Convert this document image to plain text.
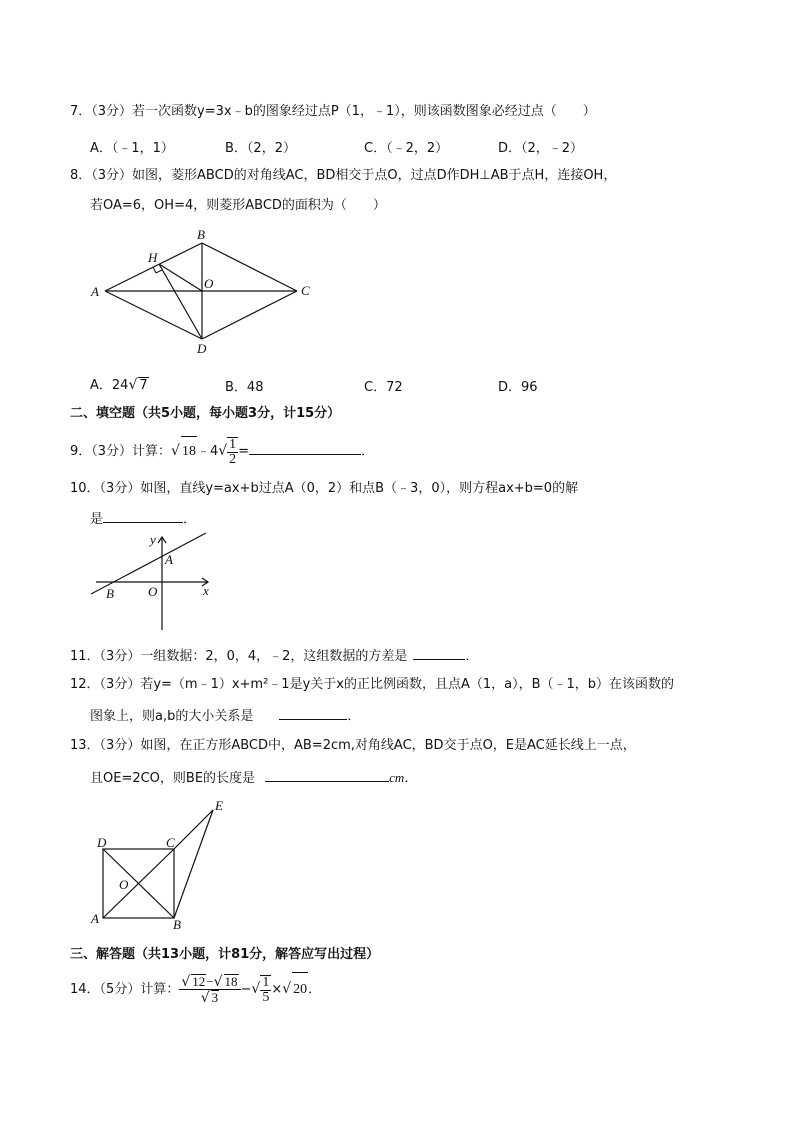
7．（3分）若一次函数y=3x﹣b的图象经过点P（1，﹣1），则该函数图象必经过点（　　）
A．（﹣1，1）	B．（2，2）	C．（﹣2，2）	D．（2，﹣2）
8．（3分）如图，菱形ABCD的对角线AC，BD相交于点O，过点D作DH⊥AB于点H，连接OH，
若OA=6，OH=4，则菱形ABCD的面积为（　　）
A
B
C
D
H
O
A．24√ 7	B．48	C．72	D．96
二、填空题（共5小题，每小题3分，计15分）
9．（3分）计算：√ 18﹣4√ $\frac{1}{2}$ =	．
10．（3分）如图，直线y=ax+b过点A（0，2）和点B（﹣3，0），则方程ax+b=0的解
是	．
y
x
A
B	O
11．（3分）一组数据：2，0，4，﹣2，这组数据的方差是	．
12．（3分）若y=（m﹣1）x+m²﹣1是y关于x的正比例函数，且点A（1，a），B（﹣1，b）在该函数的
图象上，则a,b的大小关系是	．
13．（3分）如图，在正方形ABCD中，AB=2cm,对角线AC，BD交于点O，E是AC延长线上一点，
且OE=2CO，则BE的长度是	cm．
D	C
E
O
A	B
三、解答题（共13小题，计81分，解答应写出过程）
14．（5分）计算： $\frac{√ 12-√ 18}{√ 3}$ −√ $\frac{1}{5}$ ×√ 20．
